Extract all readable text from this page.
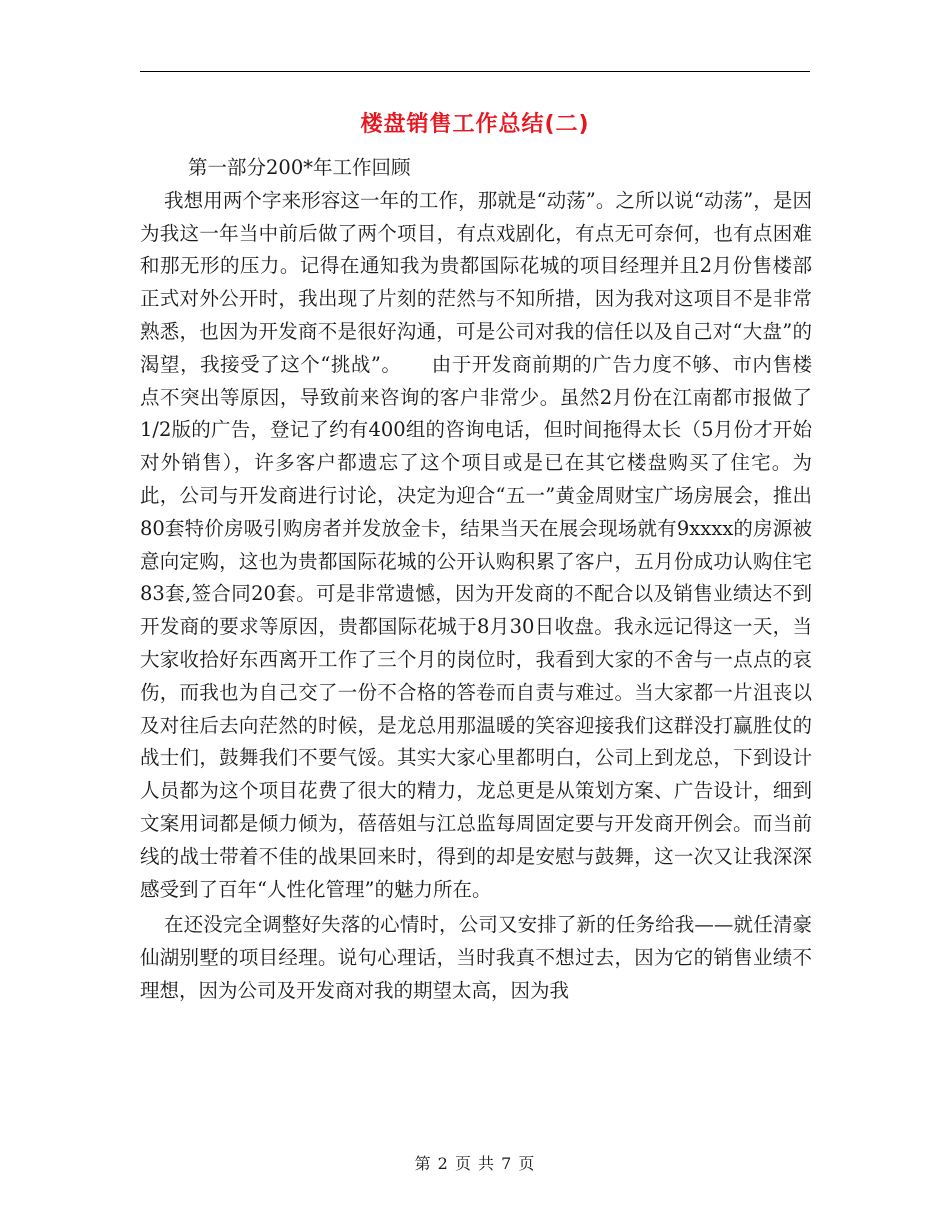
楼盘销售工作总结(二)

第一部分200*年工作回顾

我想用两个字来形容这一年的工作，那就是“动荡”。之所以说“动荡”，是因为我这一年当中前后做了两个项目，有点戏剧化，有点无可奈何，也有点困难和那无形的压力。记得在通知我为贵都国际花城的项目经理并且2月份售楼部正式对外公开时，我出现了片刻的茫然与不知所措，因为我对这项目不是非常熟悉，也因为开发商不是很好沟通，可是公司对我的信任以及自己对“大盘”的渴望，我接受了这个“挑战”。　　由于开发商前期的广告力度不够、市内售楼点不突出等原因，导致前来咨询的客户非常少。虽然2月份在江南都市报做了1/2版的广告，登记了约有400组的咨询电话，但时间拖得太长（5月份才开始对外销售），许多客户都遗忘了这个项目或是已在其它楼盘购买了住宅。为此，公司与开发商进行讨论，决定为迎合“五一”黄金周财宝广场房展会，推出80套特价房吸引购房者并发放金卡，结果当天在展会现场就有9xxxx的房源被意向定购，这也为贵都国际花城的公开认购积累了客户，五月份成功认购住宅83套,签合同20套。可是非常遗憾，因为开发商的不配合以及销售业绩达不到开发商的要求等原因，贵都国际花城于8月30日收盘。我永远记得这一天，当大家收拾好东西离开工作了三个月的岗位时，我看到大家的不舍与一点点的哀伤，而我也为自己交了一份不合格的答卷而自责与难过。当大家都一片沮丧以及对往后去向茫然的时候，是龙总用那温暖的笑容迎接我们这群没打赢胜仗的战士们，鼓舞我们不要气馁。其实大家心里都明白，公司上到龙总，下到设计人员都为这个项目花费了很大的精力，龙总更是从策划方案、广告设计，细到文案用词都是倾力倾为，蓓蓓姐与江总监每周固定要与开发商开例会。而当前线的战士带着不佳的战果回来时，得到的却是安慰与鼓舞，这一次又让我深深感受到了百年“人性化管理”的魅力所在。

在还没完全调整好失落的心情时，公司又安排了新的任务给我——就任清豪仙湖别墅的项目经理。说句心理话，当时我真不想过去，因为它的销售业绩不理想，因为公司及开发商对我的期望太高，因为我

第 2 页 共 7 页
